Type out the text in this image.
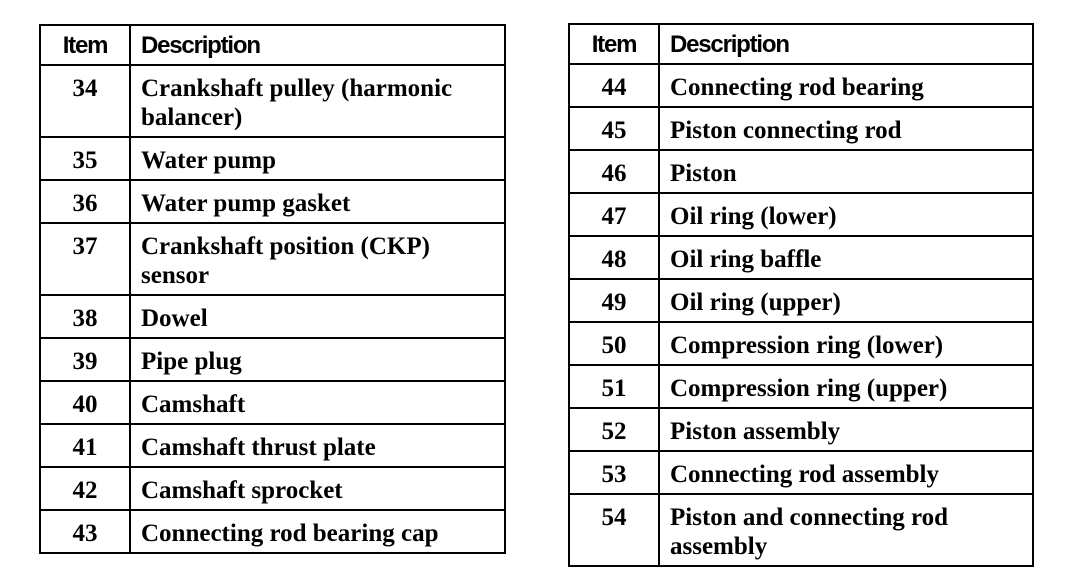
Item	Description
34	Crankshaft pulley (harmonic balancer)
35	Water pump
36	Water pump gasket
37	Crankshaft position (CKP) sensor
38	Dowel
39	Pipe plug
40	Camshaft
41	Camshaft thrust plate
42	Camshaft sprocket
43	Connecting rod bearing cap
Item	Description
44	Connecting rod bearing
45	Piston connecting rod
46	Piston
47	Oil ring (lower)
48	Oil ring baffle
49	Oil ring (upper)
50	Compression ring (lower)
51	Compression ring (upper)
52	Piston assembly
53	Connecting rod assembly
54	Piston and connecting rod assembly
